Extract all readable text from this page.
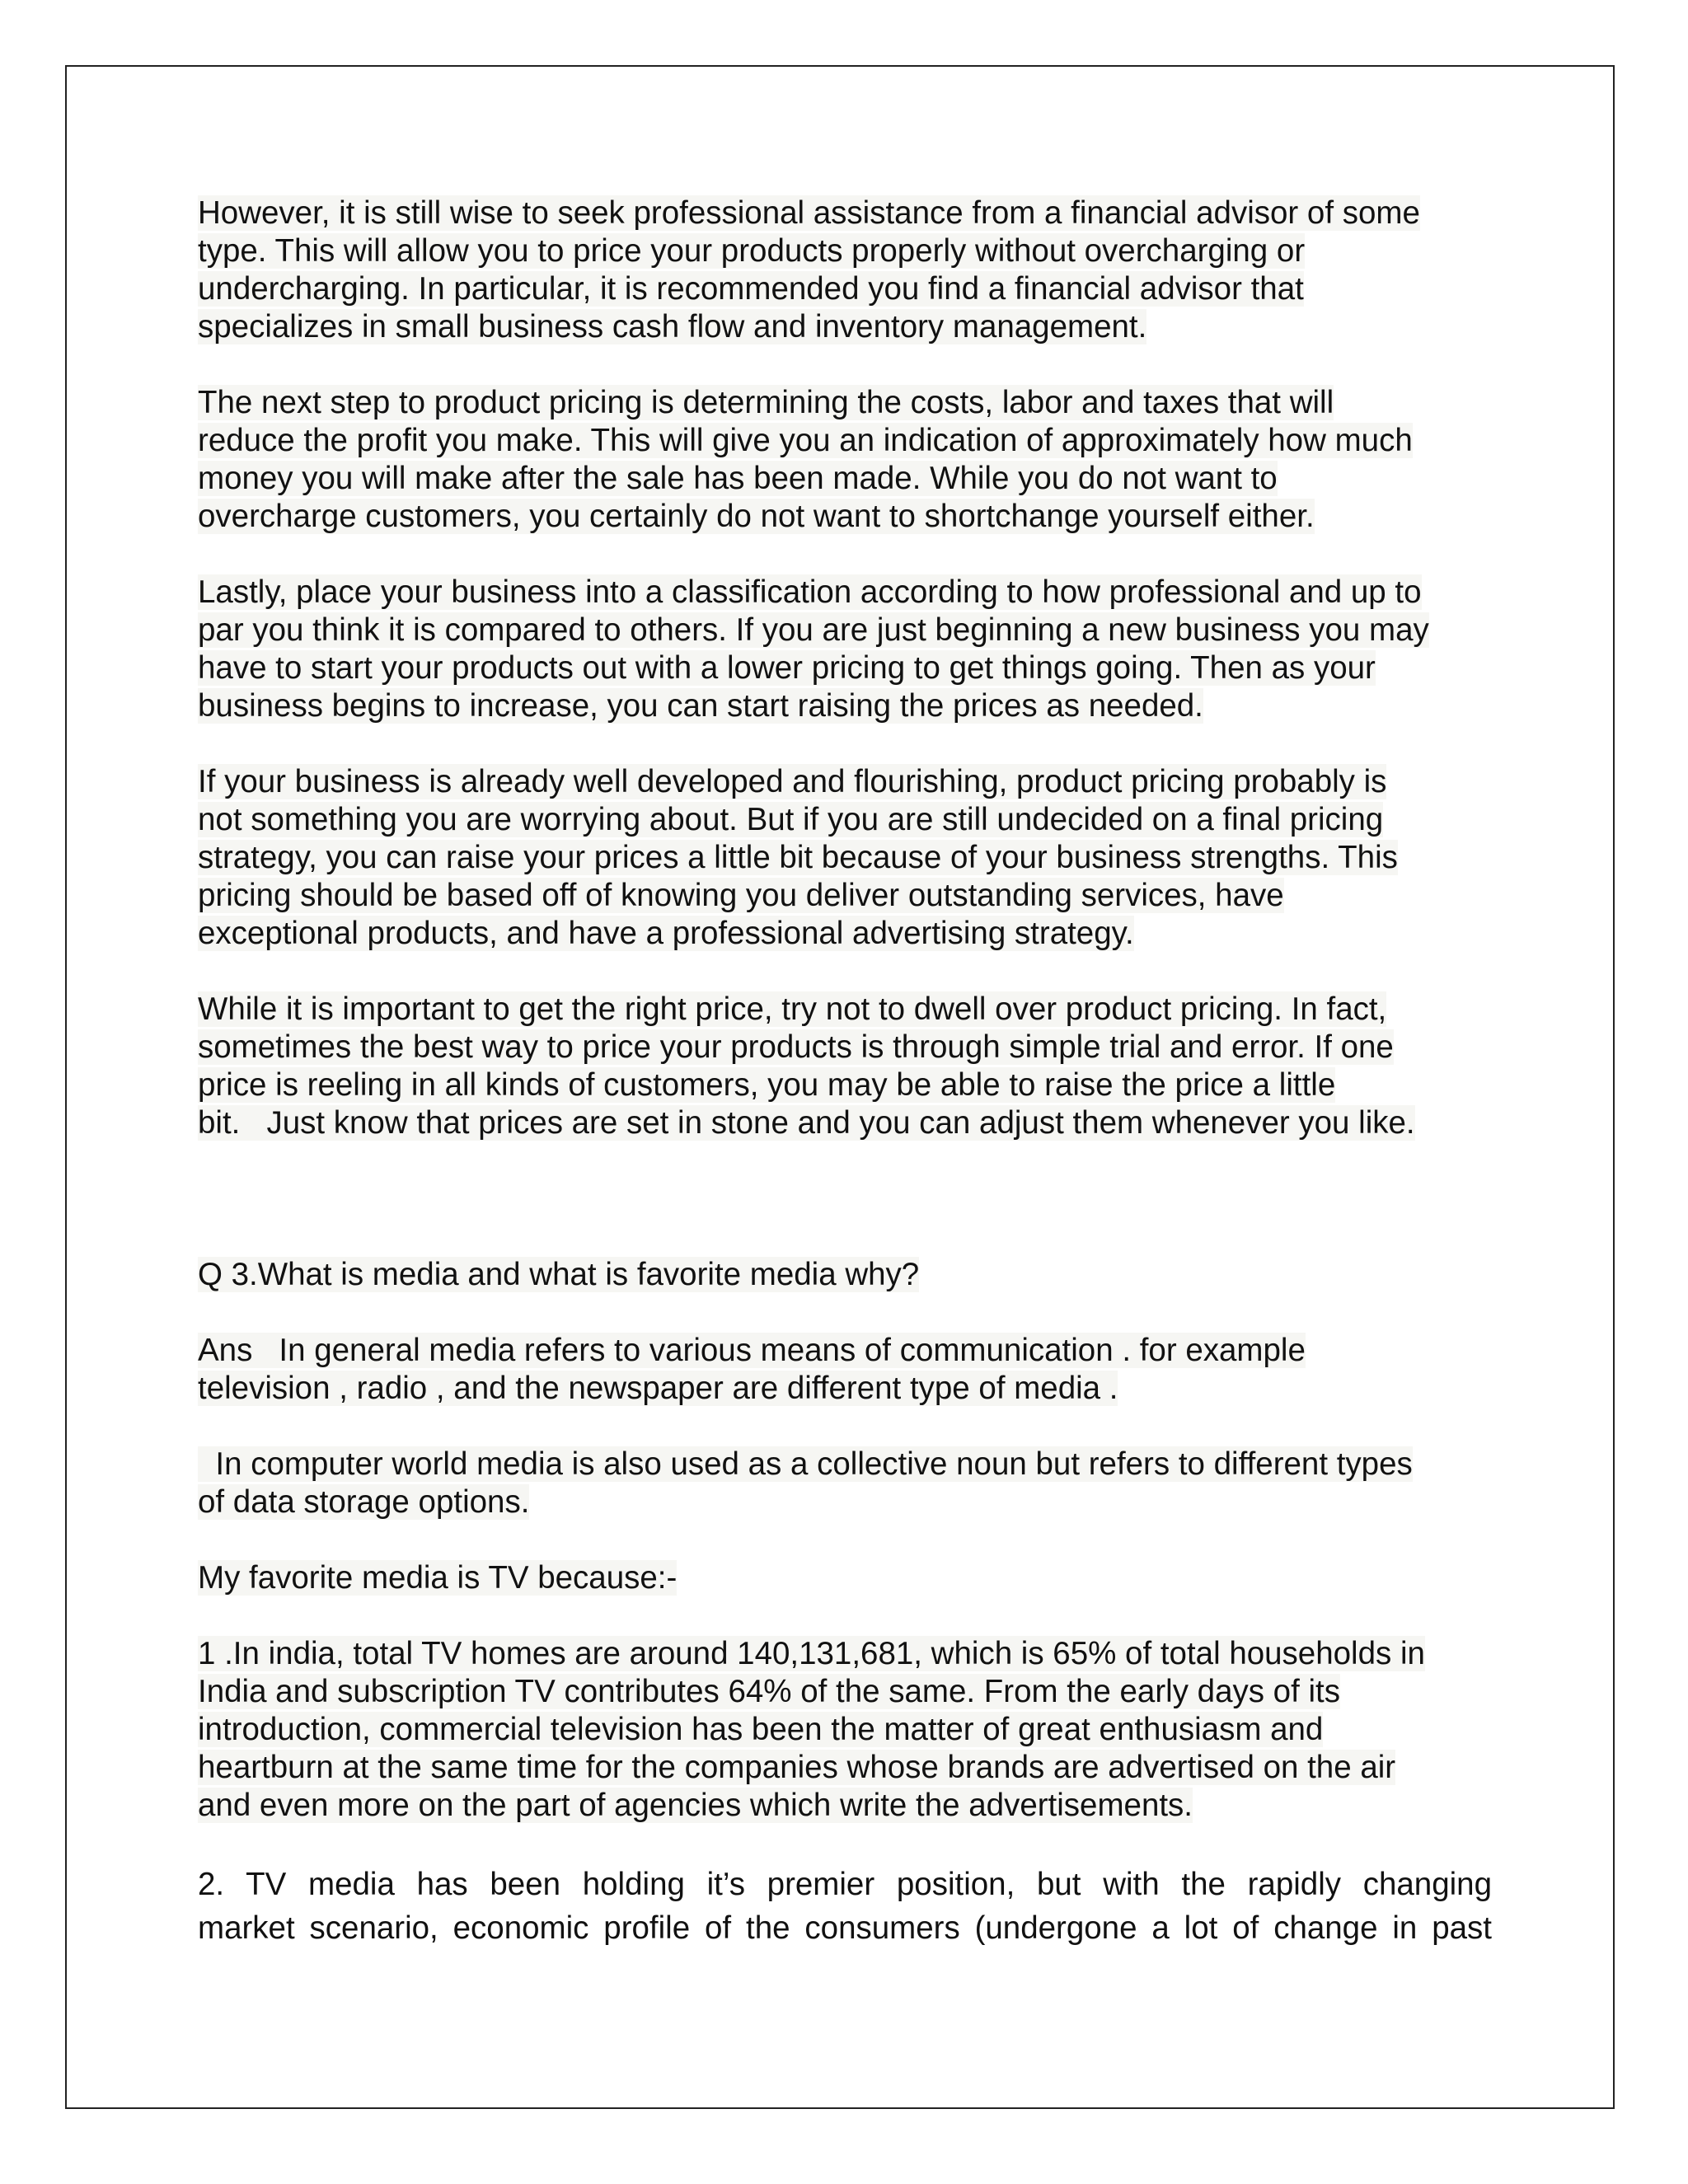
However, it is still wise to seek professional assistance from a financial advisor of some
type. This will allow you to price your products properly without overcharging or
undercharging. In particular, it is recommended you find a financial advisor that
specializes in small business cash flow and inventory management.
The next step to product pricing is determining the costs, labor and taxes that will
reduce the profit you make. This will give you an indication of approximately how much
money you will make after the sale has been made. While you do not want to
overcharge customers, you certainly do not want to shortchange yourself either.
Lastly, place your business into a classification according to how professional and up to
par you think it is compared to others. If you are just beginning a new business you may
have to start your products out with a lower pricing to get things going. Then as your
business begins to increase, you can start raising the prices as needed.
If your business is already well developed and flourishing, product pricing probably is
not something you are worrying about. But if you are still undecided on a final pricing
strategy, you can raise your prices a little bit because of your business strengths. This
pricing should be based off of knowing you deliver outstanding services, have
exceptional products, and have a professional advertising strategy.
While it is important to get the right price, try not to dwell over product pricing. In fact,
sometimes the best way to price your products is through simple trial and error. If one
price is reeling in all kinds of customers, you may be able to raise the price a little
bit.   Just know that prices are set in stone and you can adjust them whenever you like.
Q 3.What is media and what is favorite media why?
Ans   In general media refers to various means of communication . for example
television , radio , and the newspaper are different type of media .
In computer world media is also used as a collective noun but refers to different types
of data storage options.
My favorite media is TV because:-
1 .In india, total TV homes are around 140,131,681, which is 65% of total households in
India and subscription TV contributes 64% of the same. From the early days of its
introduction, commercial television has been the matter of great enthusiasm and
heartburn at the same time for the companies whose brands are advertised on the air
and even more on the part of agencies which write the advertisements.
2. TV media has been holding it’s premier position, but with the rapidly changing
market scenario, economic profile of the consumers (undergone a lot of change in past
